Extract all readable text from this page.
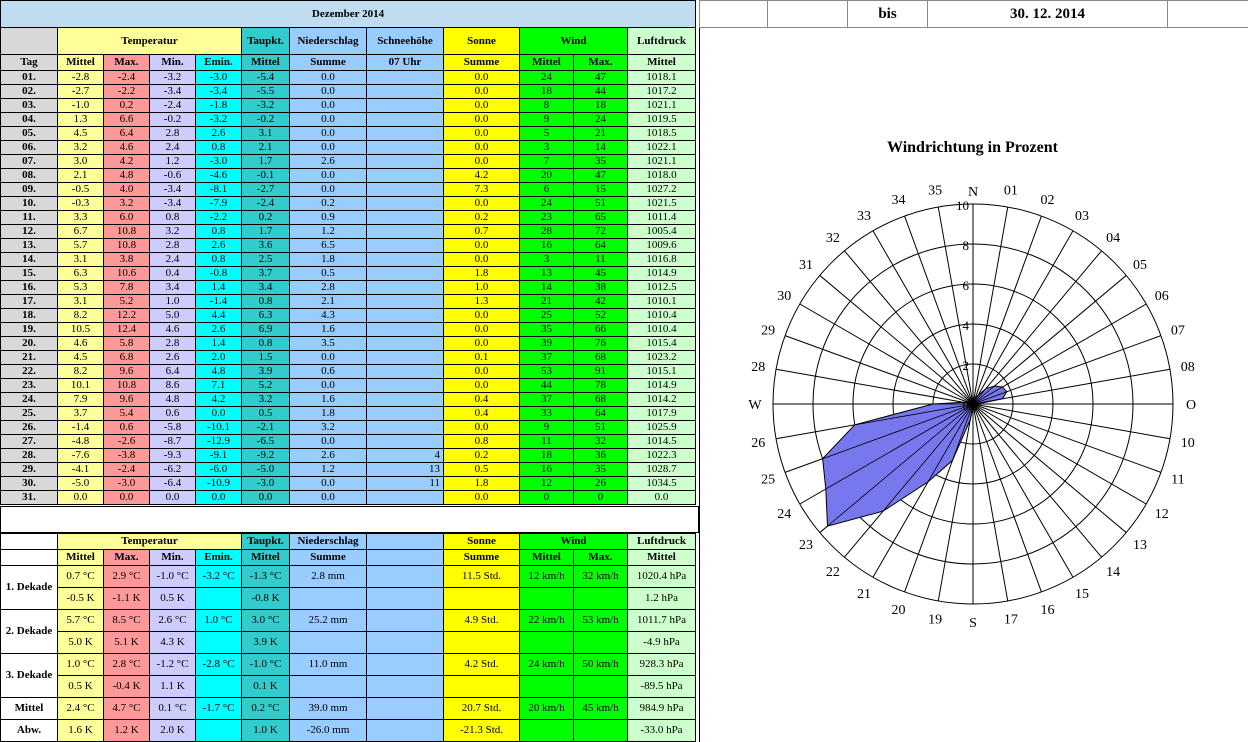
Dezember 2014											
	Temperatur				Taupkt.	Niederschlag	Schneehöhe	Sonne	Wind		Luftdruck
Tag	Mittel	Max.	Min.	Emin.	Mittel	Summe	07 Uhr	Summe	Mittel	Max.	Mittel
01.	-2.8	-2.4	-3.2	-3.0	-5.4	0.0		0.0	24	47	1018.1
02.	-2.7	-2.2	-3.4	-3.4	-5.5	0.0		0.0	18	44	1017.2
03.	-1.0	0.2	-2.4	-1.8	-3.2	0.0		0.0	8	18	1021.1
04.	1.3	6.6	-0.2	-3.2	-0.2	0.0		0.0	9	24	1019.5
05.	4.5	6.4	2.8	2.6	3.1	0.0		0.0	5	21	1018.5
06.	3.2	4.6	2.4	0.8	2.1	0.0		0.0	3	14	1022.1
07.	3.0	4.2	1.2	-3.0	1.7	2.6		0.0	7	35	1021.1
08.	2.1	4.8	-0.6	-4.6	-0.1	0.0		4.2	20	47	1018.0
09.	-0.5	4.0	-3.4	-8.1	-2.7	0.0		7.3	6	15	1027.2
10.	-0.3	3.2	-3.4	-7.9	-2.4	0.2		0.0	24	51	1021.5
11.	3.3	6.0	0.8	-2.2	0.2	0.9		0.2	23	65	1011.4
12.	6.7	10.8	3.2	0.8	1.7	1.2		0.7	28	72	1005.4
13.	5.7	10.8	2.8	2.6	3.6	6.5		0.0	16	64	1009.6
14.	3.1	3.8	2.4	0.8	2.5	1.8		0.0	3	11	1016.8
15.	6.3	10.6	0.4	-0.8	3.7	0.5		1.8	13	45	1014.9
16.	5.3	7.8	3.4	1.4	3.4	2.8		1.0	14	38	1012.5
17.	3.1	5.2	1.0	-1.4	0.8	2.1		1.3	21	42	1010.1
18.	8.2	12.2	5.0	4.4	6.3	4.3		0.0	25	52	1010.4
19.	10.5	12.4	4.6	2.6	6.9	1.6		0.0	35	66	1010.4
20.	4.6	5.8	2.8	1.4	0.8	3.5		0.0	39	76	1015.4
21.	4.5	6.8	2.6	2.0	1.5	0.0		0.1	37	68	1023.2
22.	8.2	9.6	6.4	4.8	3.9	0.6		0.0	53	91	1015.1
23.	10.1	10.8	8.6	7.1	5.2	0.0		0.0	44	78	1014.9
24.	7.9	9.6	4.8	4.2	3.2	1.6		0.4	37	68	1014.2
25.	3.7	5.4	0.6	0.0	0.5	1.8		0.4	33	64	1017.9
26.	-1.4	0.6	-5.8	-10.1	-2.1	3.2		0.0	9	51	1025.9
27.	-4.8	-2.6	-8.7	-12.9	-6.5	0.0		0.8	11	32	1014.5
28.	-7.6	-3.8	-9.3	-9.1	-9.2	2.6	4	0.2	18	36	1022.3
29.	-4.1	-2.4	-6.2	-6.0	-5.0	1.2	13	0.5	16	35	1028.7
30.	-5.0	-3.0	-6.4	-10.9	-3.0	0.0	11	1.8	12	26	1034.5
31.	0.0	0.0	0.0	0.0	0.0	0.0		0.0	0	0	0.0
	Temperatur				Taupkt.	Niederschlag		Sonne	Wind		Luftdruck
	Mittel	Max.	Min.	Emin.	Mittel	Summe		Summe	Mittel	Max.	Mittel
1. Dekade	0.7 °C	2.9 °C	-1.0 °C	-3.2 °C	-1.3 °C	2.8 mm		11.5 Std.	12 km/h	32 km/h	1020.4 hPa
	-0.5 K	-1.1 K	0.5 K		-0.8 K						1.2 hPa
2. Dekade	5.7 °C	8.5 °C	2.6 °C	1.0 °C	3.0 °C	25.2 mm		4.9 Std.	22 km/h	53 km/h	1011.7 hPa
	5.0 K	5.1 K	4.3 K		3.9 K						-4.9 hPa
3. Dekade	1.0 °C	2.8 °C	-1.2 °C	-2.8 °C	-1.0 °C	11.0 mm		4.2 Std.	24 km/h	50 km/h	928.3 hPa
	0.5 K	-0.4 K	1.1 K		0.1 K						-89.5 hPa
Mittel	2.4 °C	4.7 °C	0.1 °C	-1.7 °C	0.2 °C	39.0 mm		20.7 Std.	20 km/h	45 km/h	984.9 hPa
Abw.	1.6 K	1.2 K	2.0 K		1.0 K	-26.0 mm		-21.3 Std.			-33.0 hPa
		bis	30. 12. 2014	
Windrichtung in Prozent
0
2
4
6
8
10
N 01
02
03
04
05
06
07
08
O
10
11
12
13
14
15
16
17
S
19
20
21
22
23
24
25
26
W
28
29
30
31
32
33
34
35
